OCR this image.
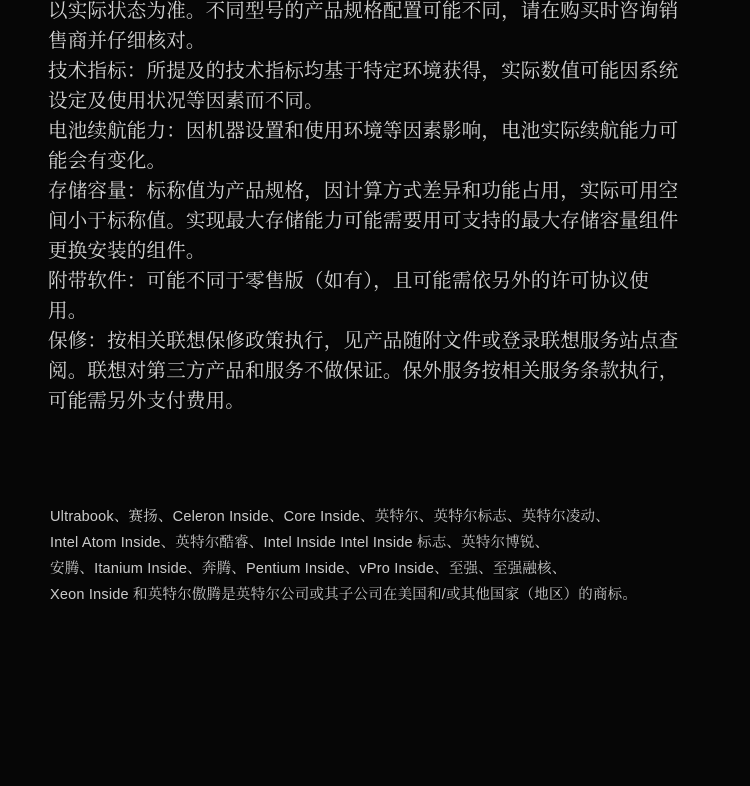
以实际状态为准。不同型号的产品规格配置可能不同，请在购买时咨询销售商并仔细核对。

技术指标：所提及的技术指标均基于特定环境获得，实际数值可能因系统设定及使用状况等因素而不同。

电池续航能力：因机器设置和使用环境等因素影响，电池实际续航能力可能会有变化。

存储容量：标称值为产品规格，因计算方式差异和功能占用，实际可用空间小于标称值。实现最大存储能力可能需要用可支持的最大存储容量组件更换安装的组件。

附带软件：可能不同于零售版（如有），且可能需依另外的许可协议使用。

保修：按相关联想保修政策执行，见产品随附文件或登录联想服务站点查阅。联想对第三方产品和服务不做保证。保外服务按相关服务条款执行，可能需另外支付费用。

Ultrabook、赛扬、Celeron Inside、Core Inside、英特尔、英特尔标志、英特尔凌动、

Intel Atom Inside、英特尔酷睿、Intel Inside Intel Inside 标志、英特尔博锐、

安腾、Itanium Inside、奔腾、Pentium Inside、vPro Inside、至强、至强融核、

Xeon Inside 和英特尔傲腾是英特尔公司或其子公司在美国和/或其他国家（地区）的商标。
